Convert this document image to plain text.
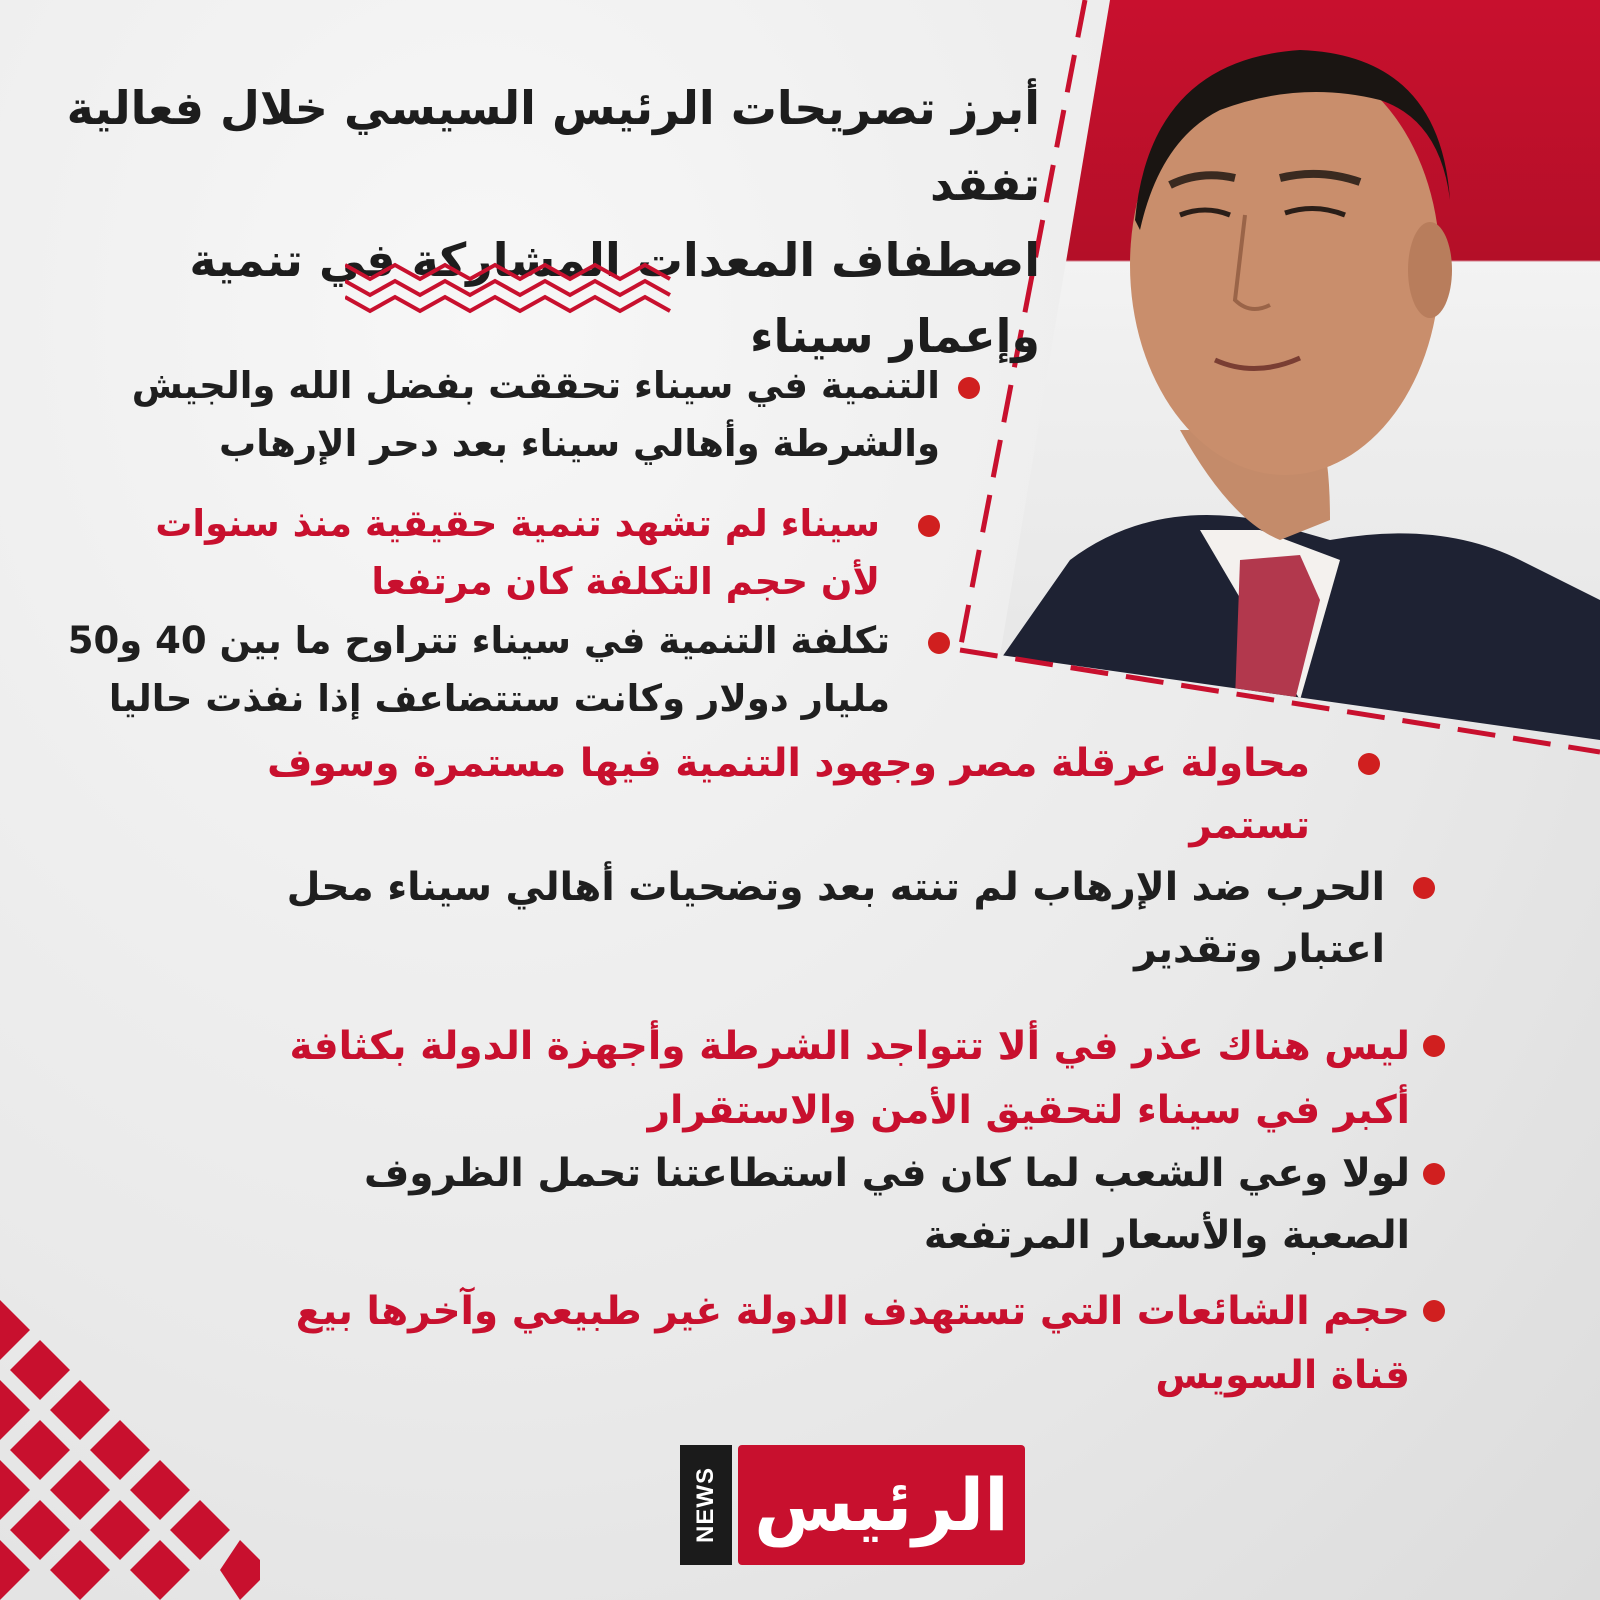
أبرز تصريحات الرئيس السيسي خلال فعالية تفقد
اصطفاف المعدات المشاركة في تنمية وإعمار سيناء
التنمية في سيناء تحققت بفضل الله والجيش
والشرطة وأهالي سيناء بعد دحر الإرهاب
سيناء لم تشهد تنمية حقيقية منذ سنوات
لأن حجم التكلفة كان مرتفعا
تكلفة التنمية في سيناء تتراوح ما بين 40 و50
مليار دولار وكانت ستتضاعف إذا نفذت حاليا
محاولة عرقلة مصر وجهود التنمية فيها مستمرة وسوف
تستمر
الحرب ضد الإرهاب لم تنته بعد وتضحيات أهالي سيناء محل
اعتبار وتقدير
ليس هناك عذر في ألا تتواجد الشرطة وأجهزة الدولة بكثافة
أكبر في سيناء لتحقيق الأمن والاستقرار
لولا وعي الشعب لما كان في استطاعتنا تحمل الظروف
الصعبة والأسعار المرتفعة
حجم الشائعات التي تستهدف الدولة غير طبيعي وآخرها بيع
قناة السويس
NEWS الرئيس
